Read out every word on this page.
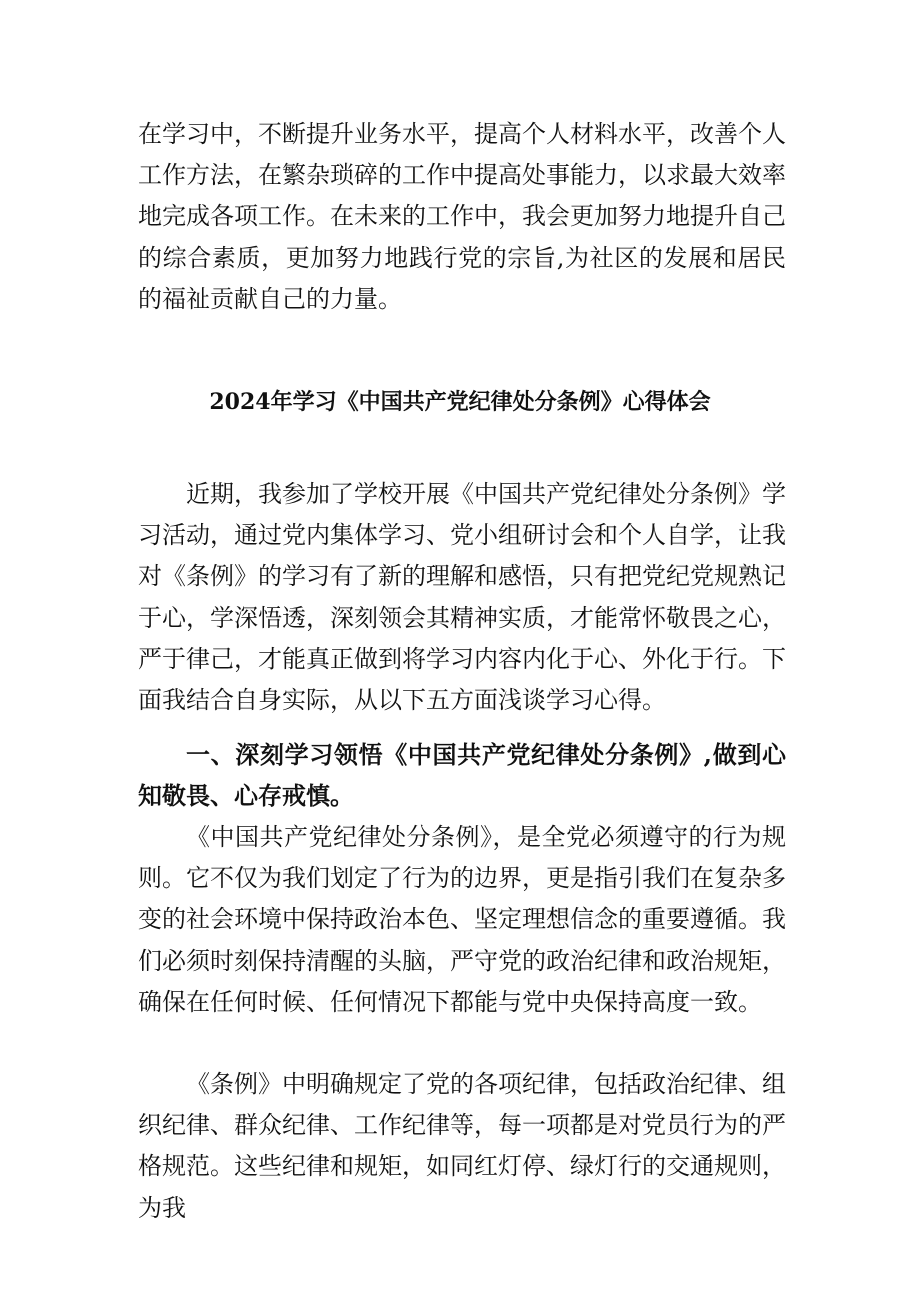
在学习中，不断提升业务水平，提高个人材料水平，改善个人工作方法，在繁杂琐碎的工作中提高处事能力，以求最大效率地完成各项工作。在未来的工作中，我会更加努力地提升自己的综合素质，更加努力地践行党的宗旨,为社区的发展和居民的福祉贡献自己的力量。

2024年学习《中国共产党纪律处分条例》心得体会

近期，我参加了学校开展《中国共产党纪律处分条例》学习活动，通过党内集体学习、党小组研讨会和个人自学，让我对《条例》的学习有了新的理解和感悟，只有把党纪党规熟记于心，学深悟透，深刻领会其精神实质，才能常怀敬畏之心，严于律己，才能真正做到将学习内容内化于心、外化于行。下面我结合自身实际，从以下五方面浅谈学习心得。

一、深刻学习领悟《中国共产党纪律处分条例》,做到心知敬畏、心存戒慎。

《中国共产党纪律处分条例》，是全党必须遵守的行为规则。它不仅为我们划定了行为的边界，更是指引我们在复杂多变的社会环境中保持政治本色、坚定理想信念的重要遵循。我们必须时刻保持清醒的头脑，严守党的政治纪律和政治规矩，确保在任何时候、任何情况下都能与党中央保持高度一致。

《条例》中明确规定了党的各项纪律，包括政治纪律、组织纪律、群众纪律、工作纪律等，每一项都是对党员行为的严格规范。这些纪律和规矩，如同红灯停、绿灯行的交通规则，为我
